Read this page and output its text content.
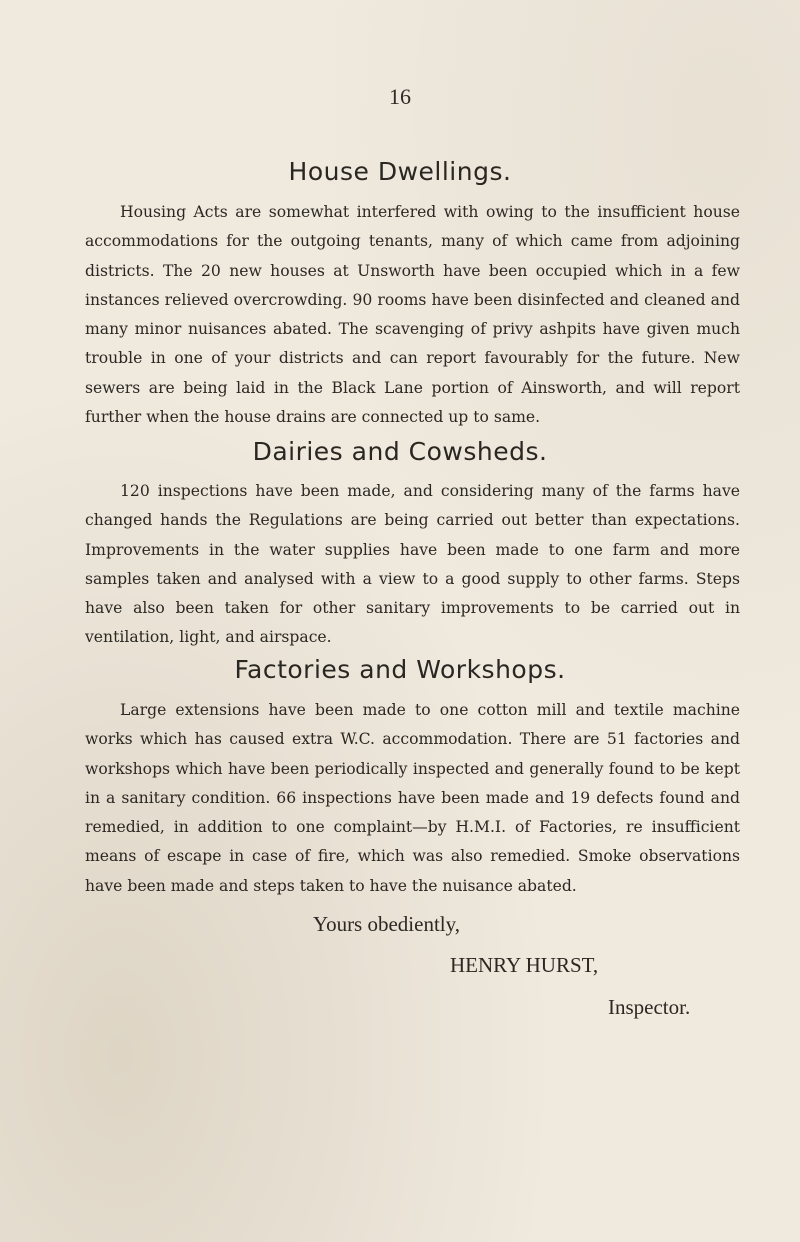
16
House Dwellings.

Housing Acts are somewhat interfered with owing to the insufficient house accommodations for the outgoing tenants, many of which came from adjoining districts. The 20 new houses at Unsworth have been occupied which in a few instances relieved overcrowding. 90 rooms have been disinfected and cleaned and many minor nuisances abated. The scavenging of privy ashpits have given much trouble in one of your districts and can report favourably for the future. New sewers are being laid in the Black Lane portion of Ainsworth, and will report further when the house drains are connected up to same.

Dairies and Cowsheds.

120 inspections have been made, and considering many of the farms have changed hands the Regulations are being carried out better than expectations. Improvements in the water supplies have been made to one farm and more samples taken and analysed with a view to a good supply to other farms. Steps have also been taken for other sanitary improvements to be carried out in ventilation, light, and airspace.

Factories and Workshops.

Large extensions have been made to one cotton mill and textile machine works which has caused extra W.C. accommodation. There are 51 factories and workshops which have been periodically inspected and generally found to be kept in a sanitary condition. 66 inspections have been made and 19 defects found and remedied, in addition to one complaint—by H.M.I. of Factories, re insufficient means of escape in case of fire, which was also remedied. Smoke observations have been made and steps taken to have the nuisance abated.

Yours obediently,

HENRY HURST,

Inspector.
